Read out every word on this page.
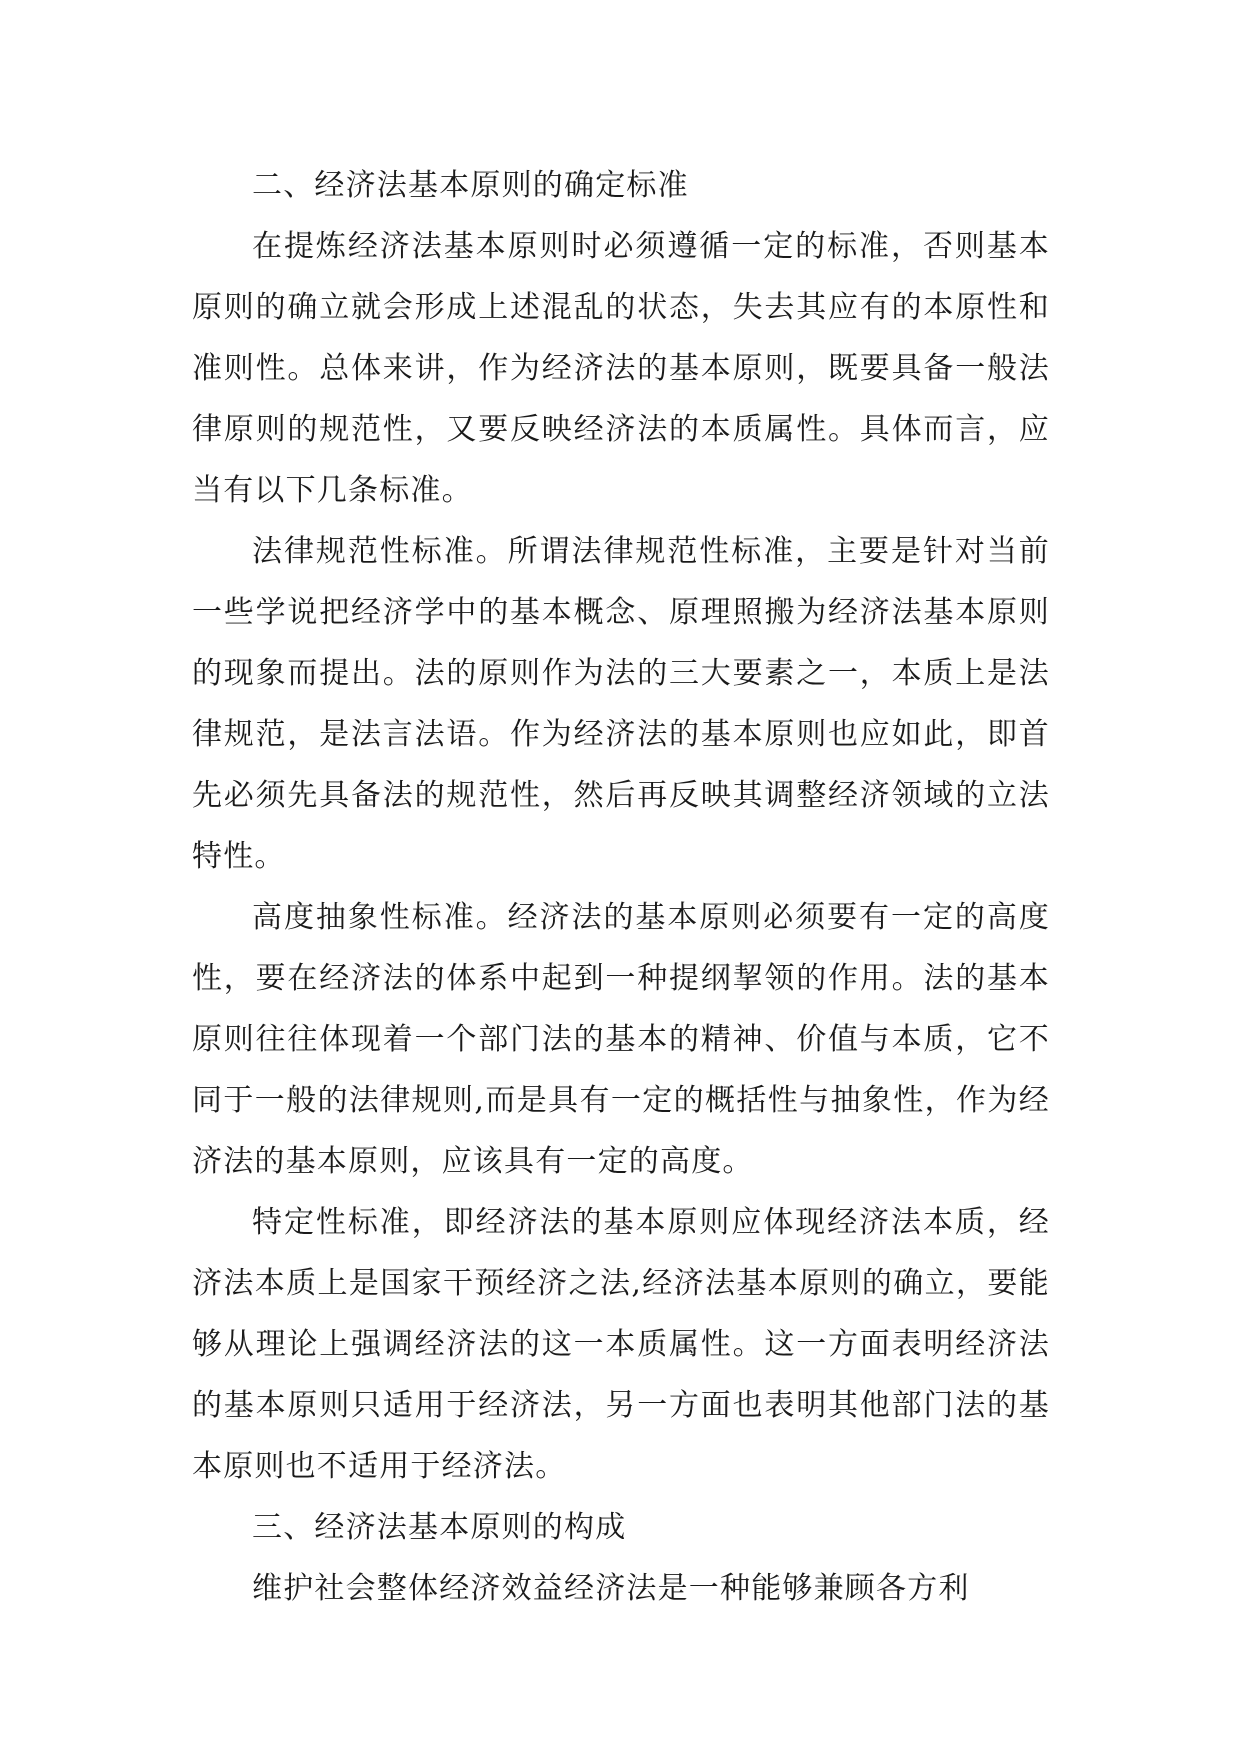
二、经济法基本原则的确定标准

在提炼经济法基本原则时必须遵循一定的标准，否则基本原则的确立就会形成上述混乱的状态，失去其应有的本原性和准则性。总体来讲，作为经济法的基本原则，既要具备一般法律原则的规范性，又要反映经济法的本质属性。具体而言，应当有以下几条标准。

法律规范性标准。所谓法律规范性标准，主要是针对当前一些学说把经济学中的基本概念、原理照搬为经济法基本原则的现象而提出。法的原则作为法的三大要素之一，本质上是法律规范，是法言法语。作为经济法的基本原则也应如此，即首先必须先具备法的规范性，然后再反映其调整经济领域的立法特性。

高度抽象性标准。经济法的基本原则必须要有一定的高度性，要在经济法的体系中起到一种提纲挈领的作用。法的基本原则往往体现着一个部门法的基本的精神、价值与本质，它不同于一般的法律规则,而是具有一定的概括性与抽象性，作为经济法的基本原则，应该具有一定的高度。

特定性标准，即经济法的基本原则应体现经济法本质，经济法本质上是国家干预经济之法,经济法基本原则的确立，要能够从理论上强调经济法的这一本质属性。这一方面表明经济法的基本原则只适用于经济法，另一方面也表明其他部门法的基本原则也不适用于经济法。

三、经济法基本原则的构成

维护社会整体经济效益经济法是一种能够兼顾各方利
